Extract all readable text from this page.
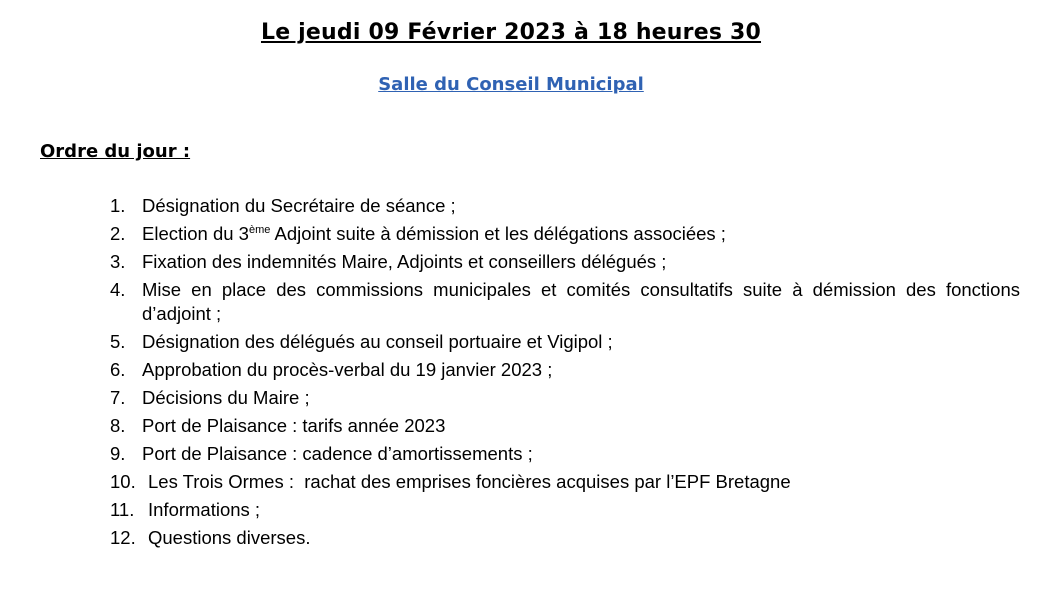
Le jeudi 09 Février 2023 à 18 heures 30
Salle du Conseil Municipal
Ordre du jour :
1. Désignation du Secrétaire de séance ;
2. Election du 3ème Adjoint suite à démission et les délégations associées ;
3. Fixation des indemnités Maire, Adjoints et conseillers délégués ;
4. Mise en place des commissions municipales et comités consultatifs suite à démission des fonctions d’adjoint ;
5. Désignation des délégués au conseil portuaire et Vigipol ;
6. Approbation du procès-verbal du 19 janvier 2023 ;
7. Décisions du Maire ;
8. Port de Plaisance : tarifs année 2023
9. Port de Plaisance : cadence d’amortissements ;
10. Les Trois Ormes :  rachat des emprises foncières acquises par l’EPF Bretagne
11. Informations ;
12. Questions diverses.
